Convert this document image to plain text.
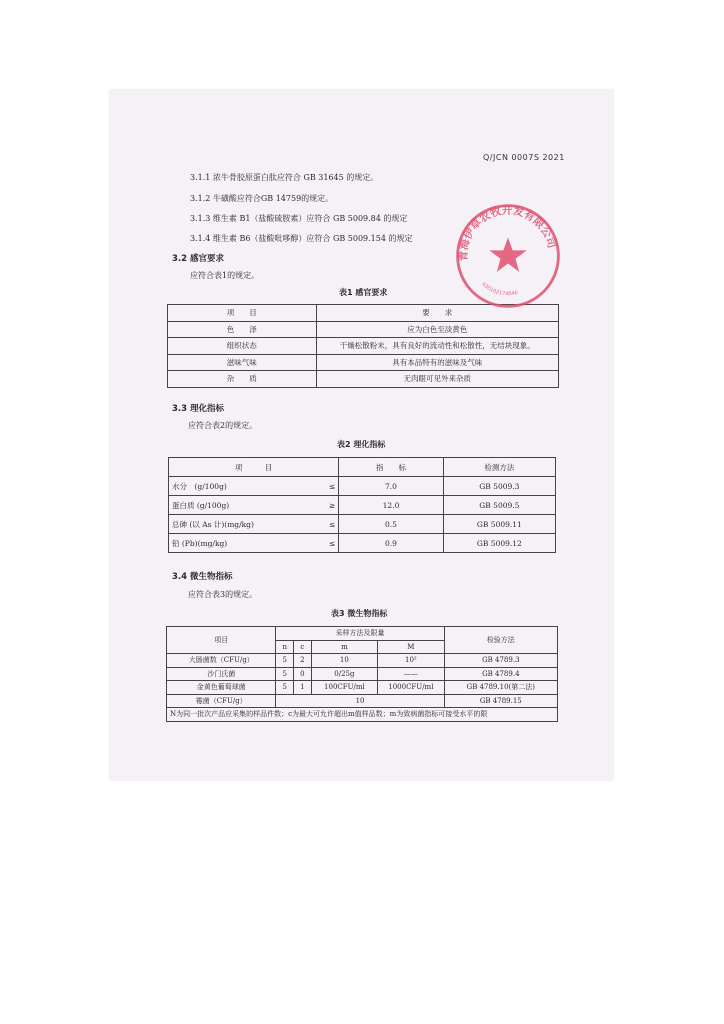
Q/JCN 0007S 2021
3.1.1 浓牛骨胶原蛋白肽应符合 GB 31645 的规定。
3.1.2 牛磺酸应符合GB 14759的规定。
3.1.3 维生素 B1（盐酸硫胺素）应符合 GB 5009.84 的规定
3.1.4 维生素 B6（盐酸吡哆醇）应符合 GB 5009.154 的规定
3.2 感官要求
应符合表1的规定。
表1 感官要求
项　　目	要　　求
色　　泽	应为白色至淡黄色
组织状态	干燥松散粉末，具有良好的流动性和松散性，无结块现象。
滋味气味	具有本品特有的滋味及气味
杂　　质	无肉眼可见外来杂质
3.3 理化指标
应符合表2的规定。
表2 理化指标
项　　　目		指　　标	检测方法
水分　(g/100g)	≤	7.0	GB 5009.3
蛋白质 (g/100g)	≥	12.0	GB 5009.5
总砷 (以 As 计)(mg/kg)	≤	0.5	GB 5009.11
铅 (Pb)(mg/kg)	≤	0.9	GB 5009.12
3.4 微生物指标
应符合表3的规定。
表3 微生物指标
项目	采样方法及限量				检验方法
	n	c	m	M	
大肠菌数（CFU/g）	5	2	10	10²	GB 4789.3
沙门氏菌	5	0	0/25g	——	GB 4789.4
金黄色葡萄球菌	5	1	100CFU/ml	1000CFU/ml	GB 4789.10(第二法)
霉菌（CFU/g）	10				GB 4789.15
N为同一批次产品应采集的样品件数；c为最大可允许超出m值样品数；m为致病菌指标可接受水平的限					
青海伊草农牧开发有限公司
630102174046
